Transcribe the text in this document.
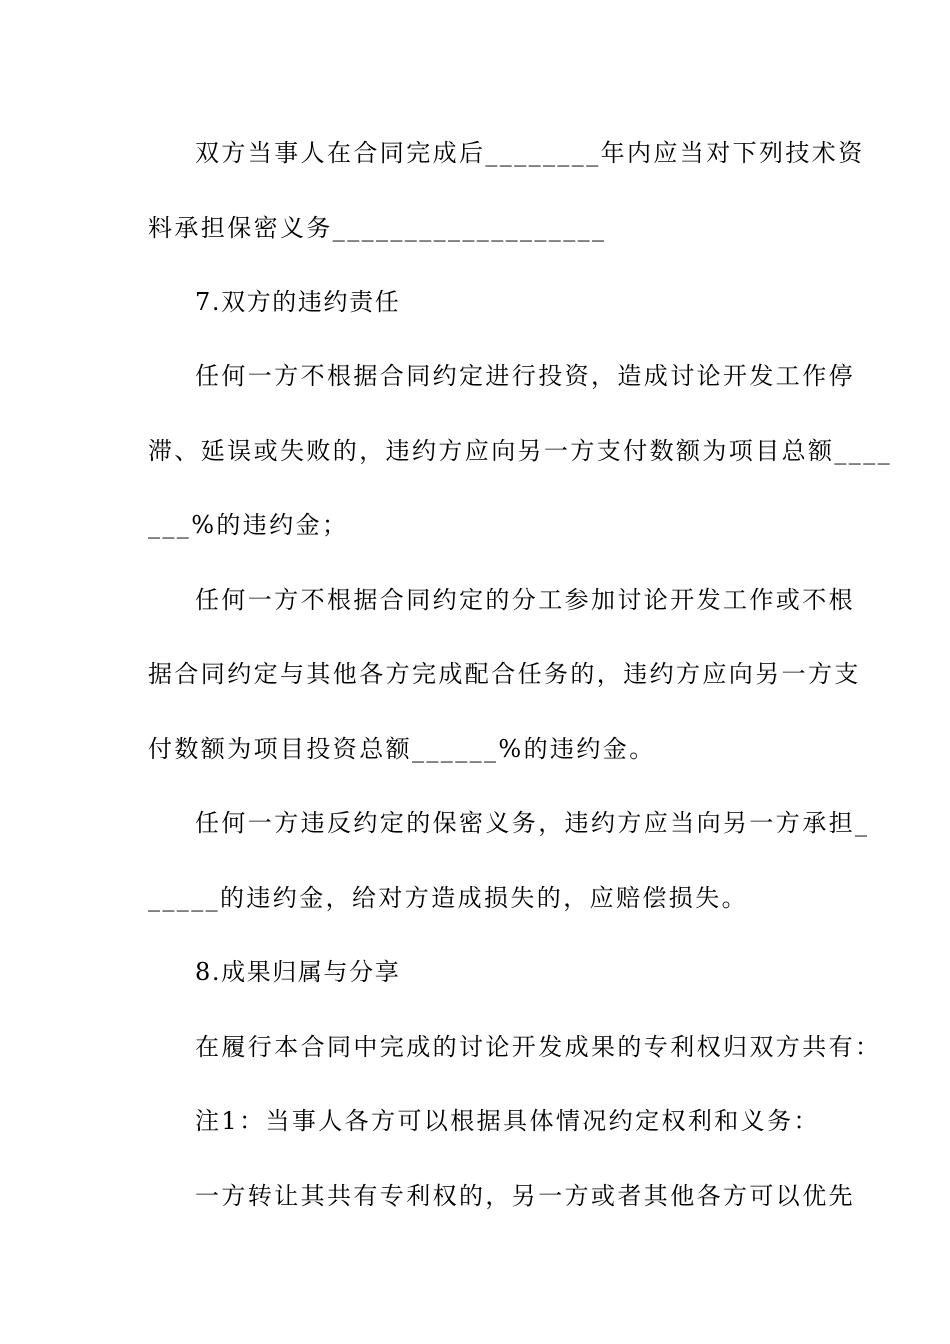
双方当事人在合同完成后________年内应当对下列技术资
料承担保密义务___________________
7.双方的违约责任
任何一方不根据合同约定进行投资，造成讨论开发工作停
滞、延误或失败的，违约方应向另一方支付数额为项目总额____
___%的违约金；
任何一方不根据合同约定的分工参加讨论开发工作或不根
据合同约定与其他各方完成配合任务的，违约方应向另一方支
付数额为项目投资总额______%的违约金。
任何一方违反约定的保密义务，违约方应当向另一方承担_
_____的违约金，给对方造成损失的，应赔偿损失。
8.成果归属与分享
在履行本合同中完成的讨论开发成果的专利权归双方共有：
注1：当事人各方可以根据具体情况约定权利和义务：
一方转让其共有专利权的，另一方或者其他各方可以优先
